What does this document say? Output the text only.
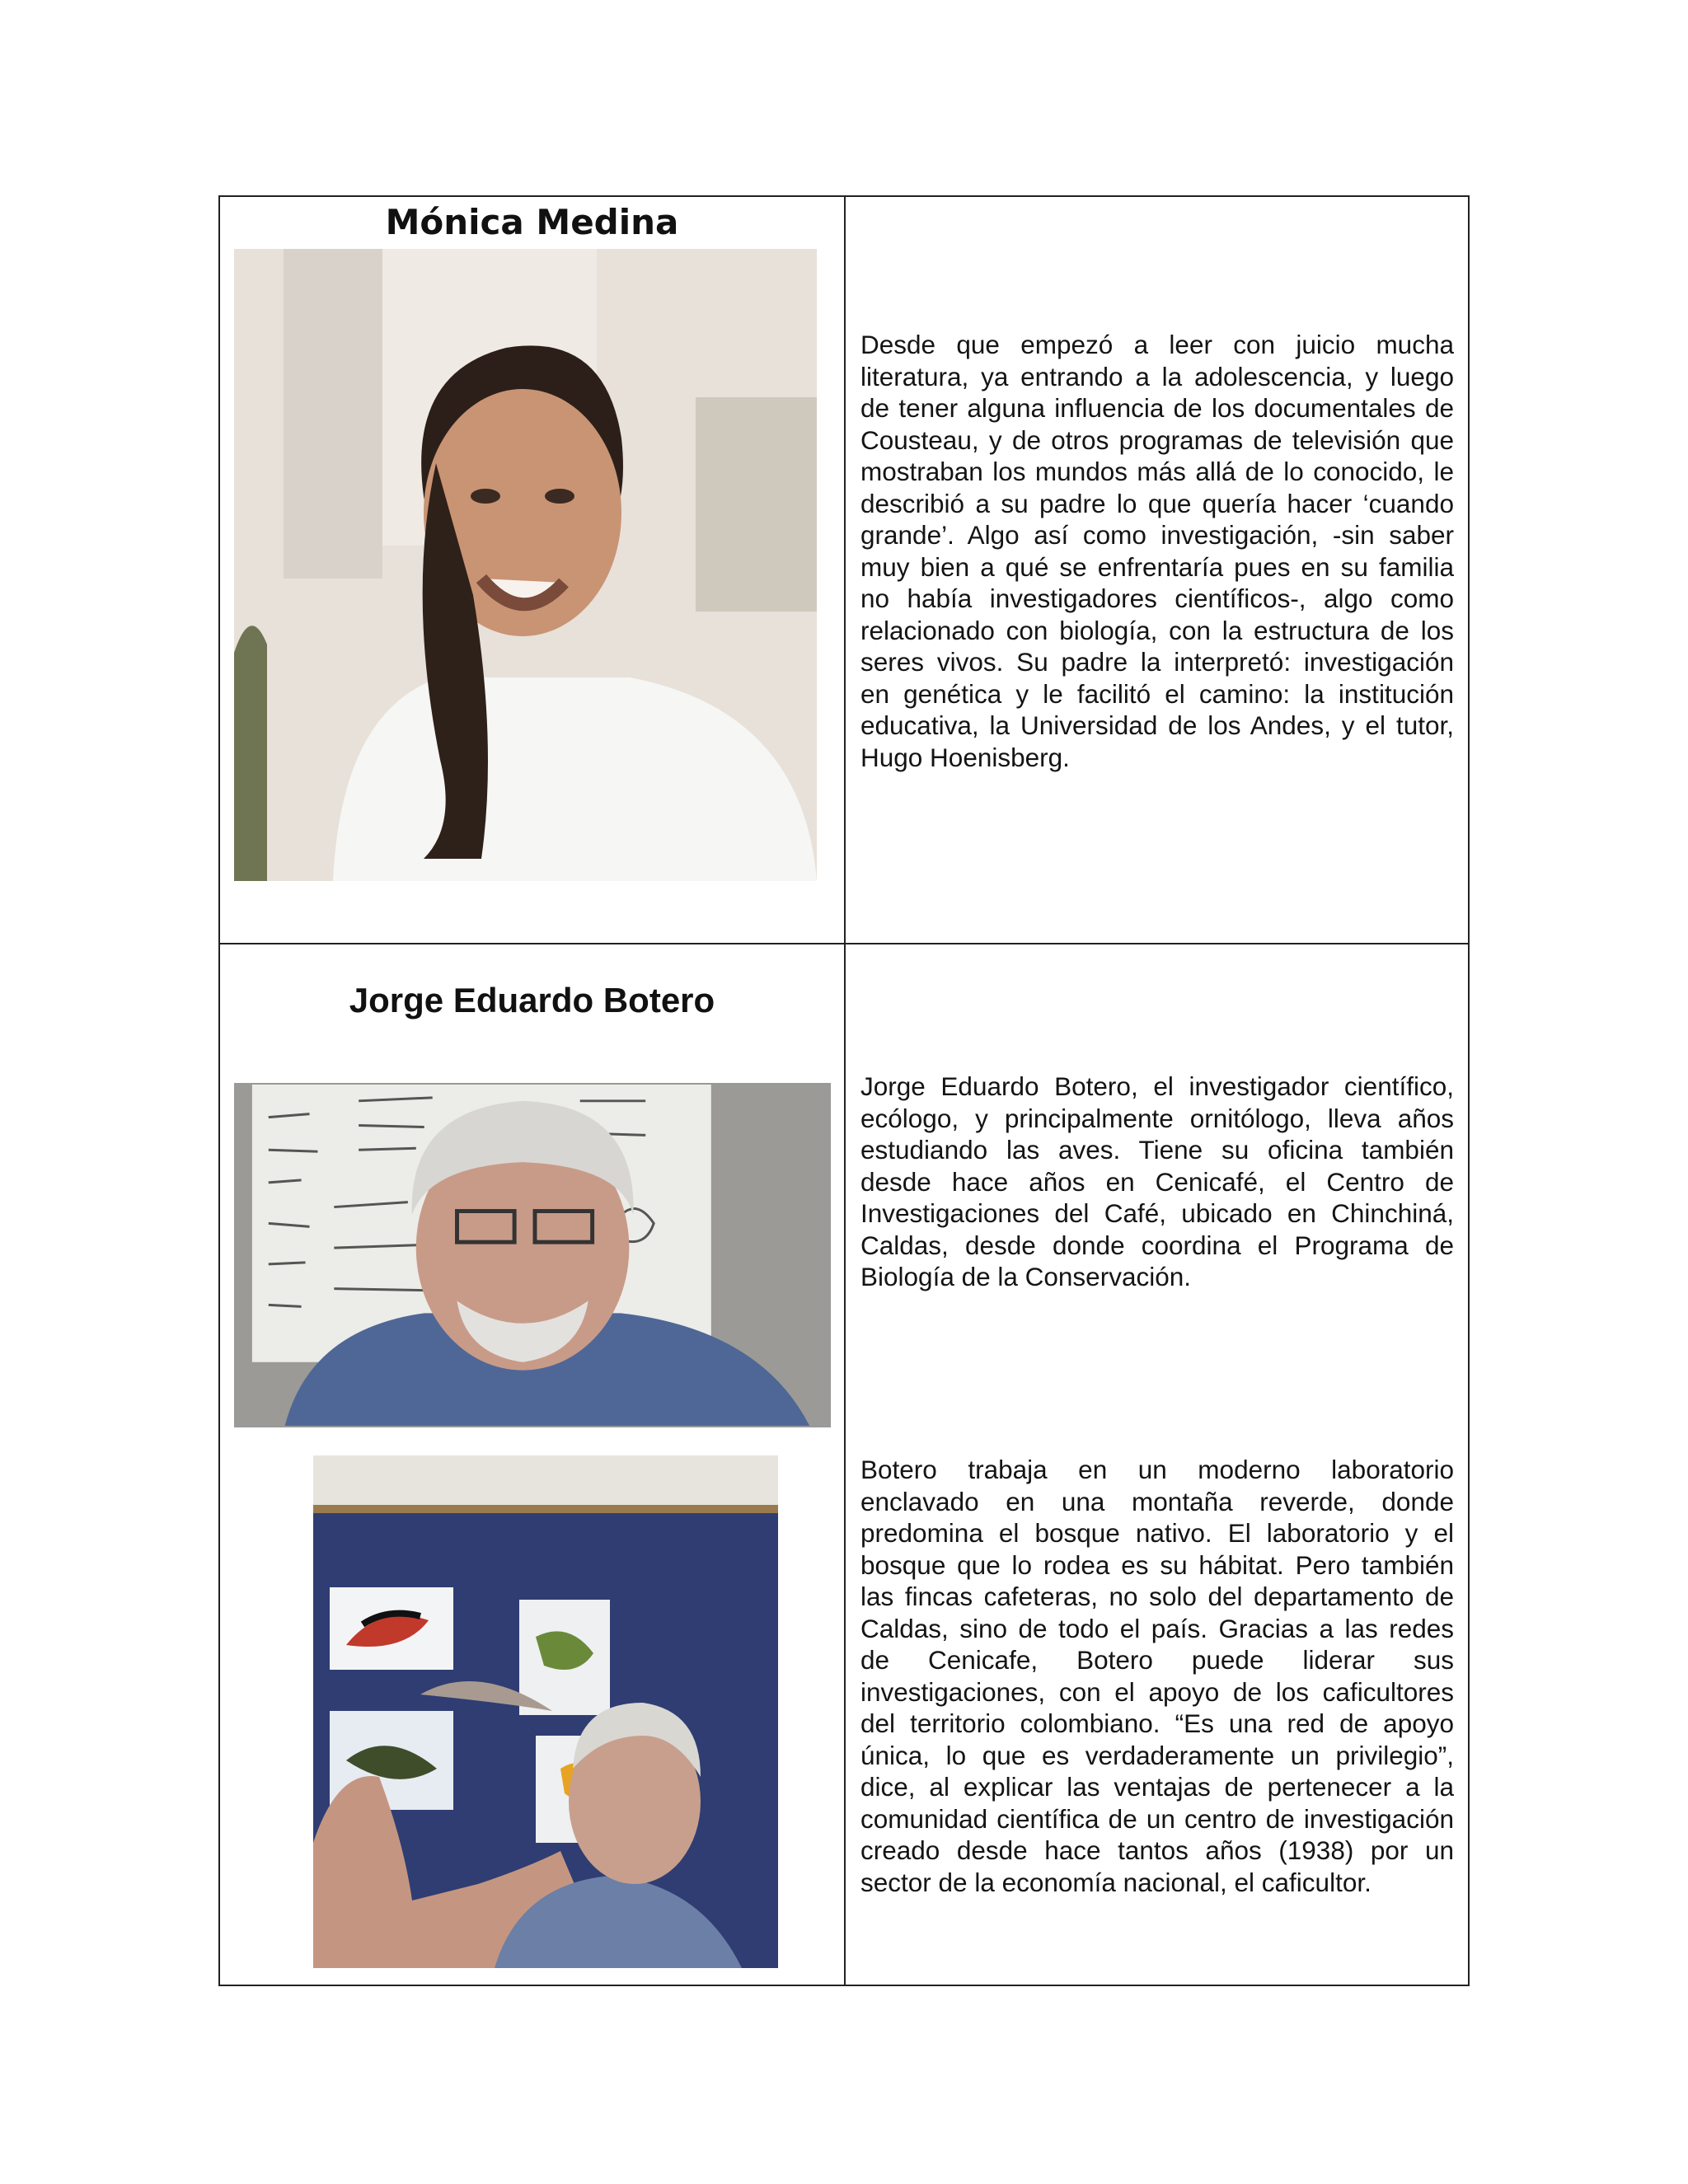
Mónica Medina

Desde que empezó a leer con juicio mucha literatura, ya entrando a la adolescencia, y luego de tener alguna influencia de los documentales de Cousteau, y de otros programas de televisión que mostraban los mundos más allá de lo conocido, le describió a su padre lo que quería hacer ‘cuando grande’. Algo así como investigación, -sin saber muy bien a qué se enfrentaría pues en su familia no había investigadores científicos-, algo como relacionado con biología, con la estructura de los seres vivos. Su padre la interpretó: investigación en genética y le facilitó el camino: la institución educativa, la Universidad de los Andes, y el tutor, Hugo Hoenisberg.

Jorge Eduardo Botero

Jorge Eduardo Botero, el investigador científico, ecólogo, y principalmente ornitólogo, lleva años estudiando las aves. Tiene su oficina también desde hace años en Cenicafé, el Centro de Investigaciones del Café, ubicado en Chinchiná, Caldas, desde donde coordina el Programa de Biología de la Conservación.

Botero trabaja en un moderno laboratorio enclavado en una montaña reverde, donde predomina el bosque nativo. El laboratorio y el bosque que lo rodea es su hábitat. Pero también las fincas cafeteras, no solo del departamento de Caldas, sino de todo el país. Gracias a las redes de Cenicafe, Botero puede liderar sus investigaciones, con el apoyo de los caficultores del territorio colombiano. “Es una red de apoyo única, lo que es verdaderamente un privilegio”, dice, al explicar las ventajas de pertenecer a la comunidad científica de un centro de investigación creado desde hace tantos años (1938) por un sector de la economía nacional, el caficultor.
